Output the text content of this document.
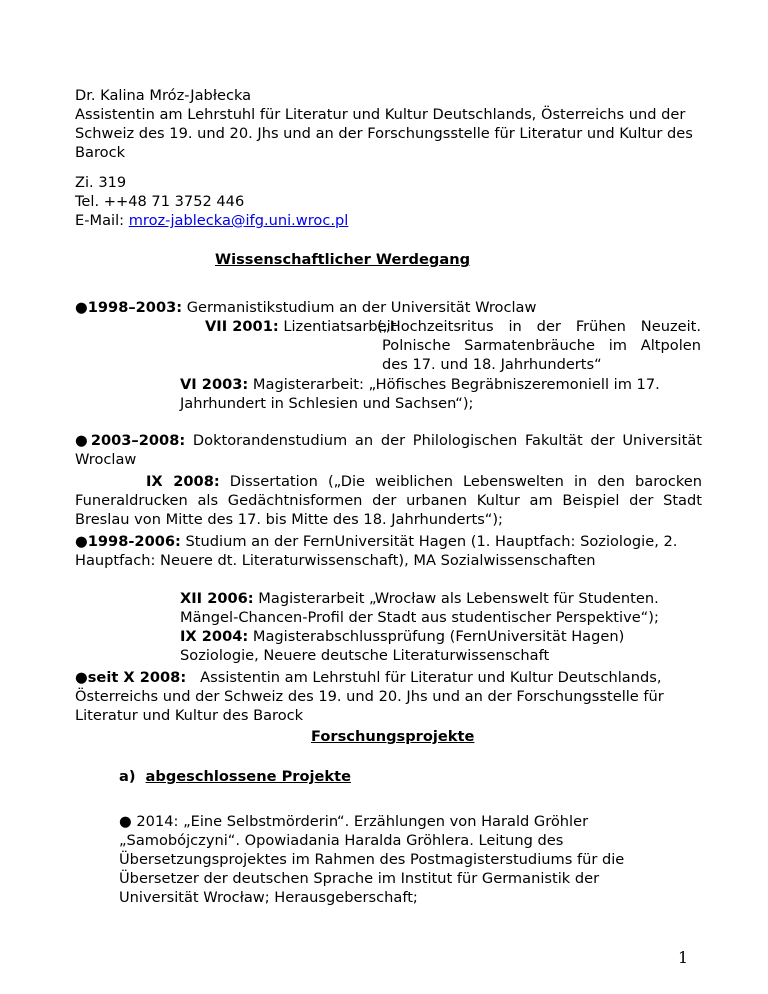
Dr. Kalina Mróz-Jabłecka
Assistentin am Lehrstuhl für Literatur und Kultur Deutschlands, Österreichs und der Schweiz des 19. und 20. Jhs und an der Forschungsstelle für Literatur und Kultur des Barock
Zi. 319
Tel. ++48 71 3752 446
E-Mail: mroz-jablecka@ifg.uni.wroc.pl
Wissenschaftlicher Werdegang
●1998–2003: Germanistikstudium an der Universität Wroclaw
VII 2001: Lizentiatsarbeit
(„Hochzeitsritus in der Frühen Neuzeit. Polnische Sarmatenbräuche im Altpolen des 17. und 18. Jahrhunderts“
VI 2003: Magisterarbeit: „Höfisches Begräbniszeremoniell im 17. Jahrhundert in Schlesien und Sachsen“);
●2003–2008: Doktorandenstudium an der Philologischen Fakultät der Universität Wroclaw
IX 2008: Dissertation („Die weiblichen Lebenswelten in den barocken Funeraldrucken als Gedächtnisformen der urbanen Kultur am Beispiel der Stadt Breslau von Mitte des 17. bis Mitte des 18. Jahrhunderts“);
●1998-2006: Studium an der FernUniversität Hagen (1. Hauptfach: Soziologie, 2. Hauptfach: Neuere dt. Literaturwissenschaft), MA Sozialwissenschaften
XII 2006: Magisterarbeit „Wrocław als Lebenswelt für Studenten. Mängel-Chancen-Profil der Stadt aus studentischer Perspektive“);
IX 2004: Magisterabschlussprüfung (FernUniversität Hagen) Soziologie, Neuere deutsche Literaturwissenschaft
●seit X 2008: Assistentin am Lehrstuhl für Literatur und Kultur Deutschlands, Österreichs und der Schweiz des 19. und 20. Jhs und an der Forschungsstelle für Literatur und Kultur des Barock
Forschungsprojekte
a) abgeschlossene Projekte
● 2014: „Eine Selbstmörderin“. Erzählungen von Harald Gröhler „Samobójczyni“. Opowiadania Haralda Gröhlera. Leitung des Übersetzungsprojektes im Rahmen des Postmagisterstudiums für die Übersetzer der deutschen Sprache im Institut für Germanistik der Universität Wrocław; Herausgeberschaft;
1
